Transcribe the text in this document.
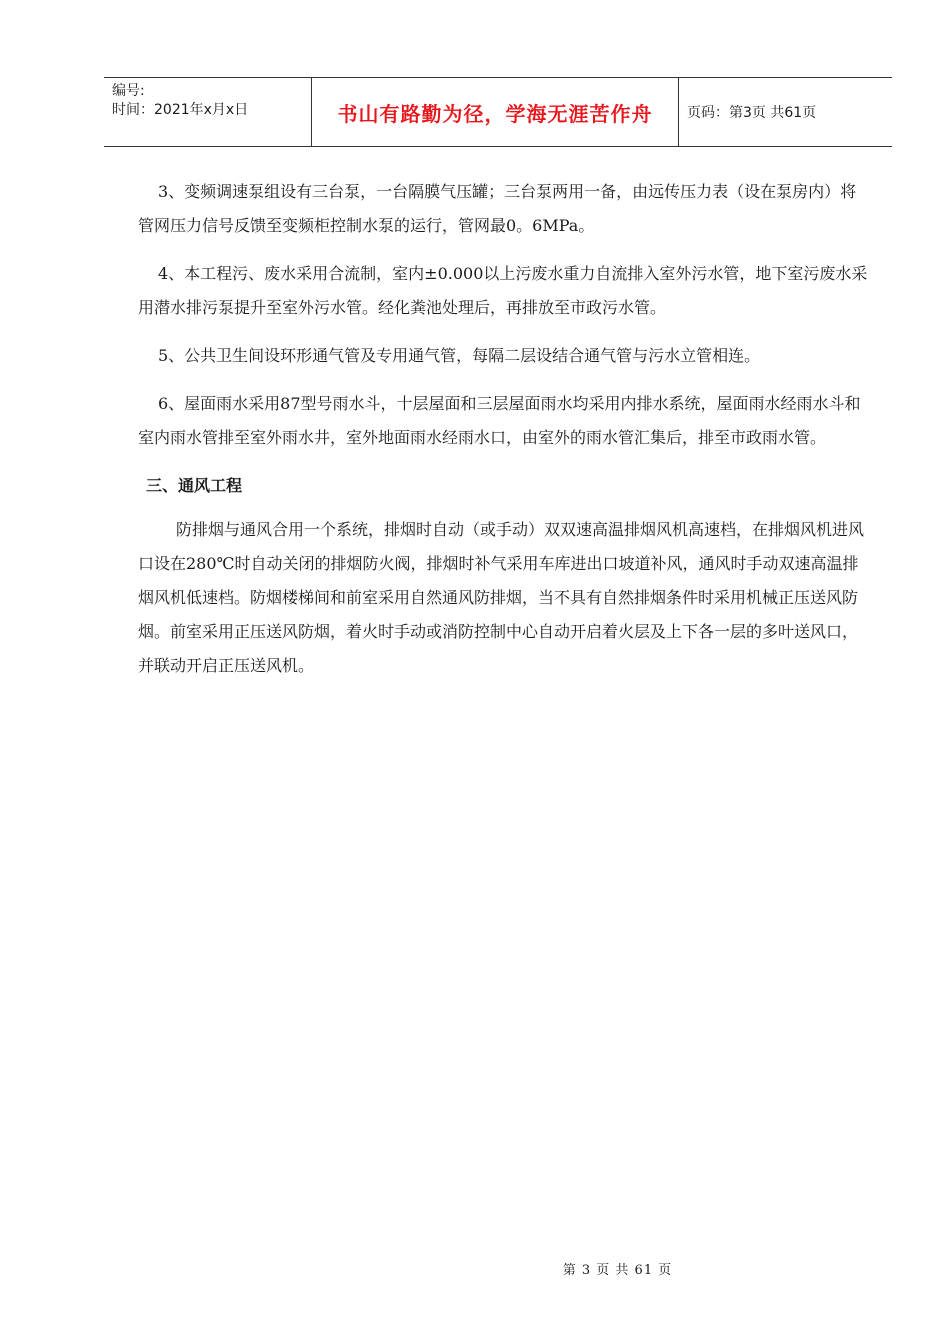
编号:
时间：2021年x月x日	书山有路勤为径，学海无涯苦作舟 页码：第3页 共61页

3、变频调速泵组设有三台泵，一台隔膜气压罐；三台泵两用一备，由远传压力表（设在泵房内）将管网压力信号反馈至变频柜控制水泵的运行，管网最0。6MPa。

4、本工程污、废水采用合流制，室内±0.000以上污废水重力自流排入室外污水管，地下室污废水采用潜水排污泵提升至室外污水管。经化粪池处理后，再排放至市政污水管。

5、公共卫生间设环形通气管及专用通气管，每隔二层设结合通气管与污水立管相连。

6、屋面雨水采用87型号雨水斗，十层屋面和三层屋面雨水均采用内排水系统，屋面雨水经雨水斗和室内雨水管排至室外雨水井，室外地面雨水经雨水口，由室外的雨水管汇集后，排至市政雨水管。

三、通风工程

防排烟与通风合用一个系统，排烟时自动（或手动）双双速高温排烟风机高速档，在排烟风机进风口设在280℃时自动关闭的排烟防火阀，排烟时补气采用车库进出口坡道补风，通风时手动双速高温排烟风机低速档。防烟楼梯间和前室采用自然通风防排烟，当不具有自然排烟条件时采用机械正压送风防烟。前室采用正压送风防烟，着火时手动或消防控制中心自动开启着火层及上下各一层的多叶送风口，并联动开启正压送风机。

第 3 页 共 61 页
